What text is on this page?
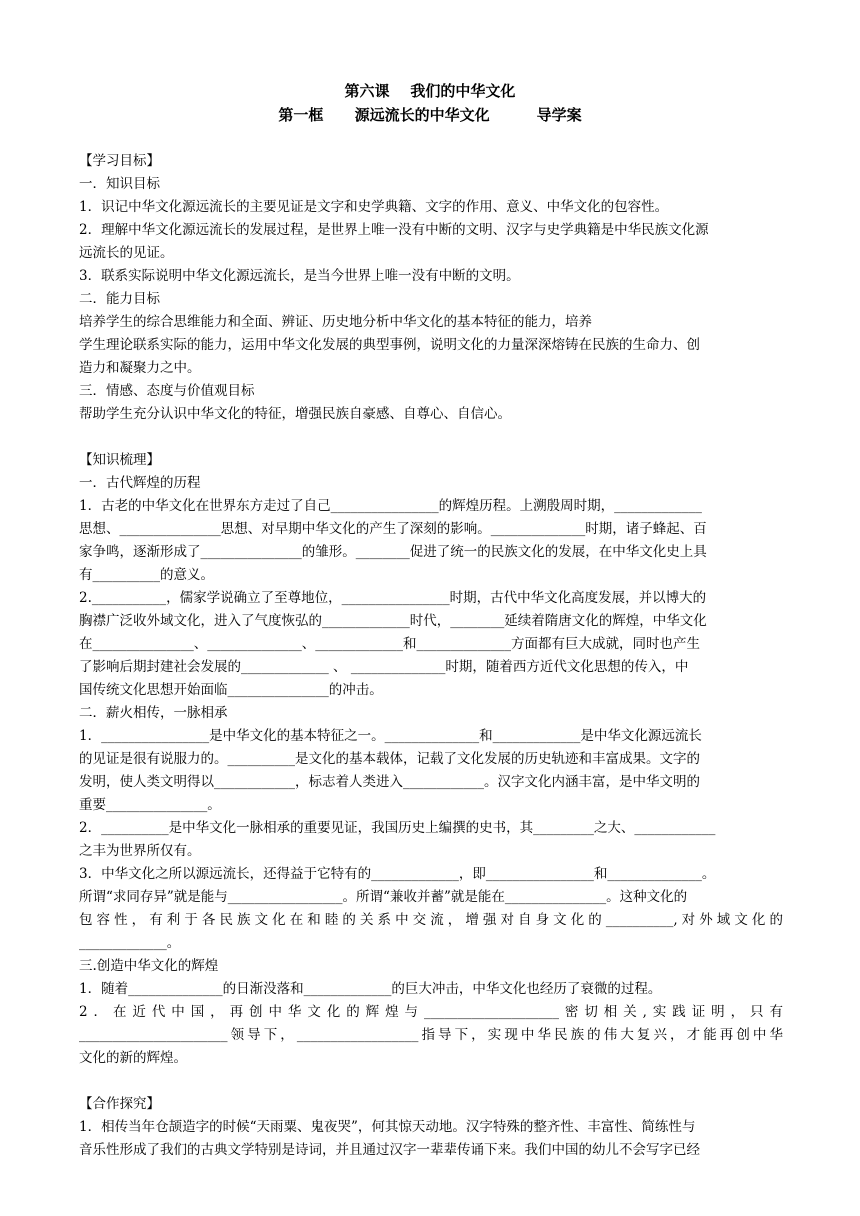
第六课    我们的中华文化
第一框      源远流长的中华文化         导学案
【学习目标】
一．知识目标
1．识记中华文化源远流长的主要见证是文字和史学典籍、文字的作用、意义、中华文化的包容性。
2．理解中华文化源远流长的发展过程，是世界上唯一没有中断的文明、汉字与史学典籍是中华民族文化源
远流长的见证。
3．联系实际说明中华文化源远流长，是当今世界上唯一没有中断的文明。
二．能力目标
培养学生的综合思维能力和全面、辨证、历史地分析中华文化的基本特征的能力，培养
学生理论联系实际的能力，运用中华文化发展的典型事例，说明文化的力量深深熔铸在民族的生命力、创
造力和凝聚力之中。
三．情感、态度与价值观目标
帮助学生充分认识中华文化的特征，增强民族自豪感、自尊心、自信心。
【知识梳理】
一．古代辉煌的历程
1．古老的中华文化在世界东方走过了自己________________的辉煌历程。上溯殷周时期，_____________
思想、_______________思想、对早期中华文化的产生了深刻的影响。______________时期，诸子蜂起、百
家争鸣，逐渐形成了_______________的雏形。________促进了统一的民族文化的发展，在中华文化史上具
有__________的意义。
2.___________，儒家学说确立了至尊地位，________________时期，古代中华文化高度发展，并以博大的
胸襟广泛收外域文化，进入了气度恢弘的_____________时代，________延续着隋唐文化的辉煌，中华文化
在_______________、______________、_____________和______________方面都有巨大成就，同时也产生
了影响后期封建社会发展的_____________ 、 ______________时期，随着西方近代文化思想的传入，中
国传统文化思想开始面临_______________的冲击。
二．薪火相传，一脉相承
1．________________是中华文化的基本特征之一。______________和_____________是中华文化源远流长
的见证是很有说服力的。__________是文化的基本载体，记载了文化发展的历史轨迹和丰富成果。文字的
发明，使人类文明得以____________，标志着人类进入____________。汉字文化内涵丰富，是中华文明的
重要_______________。
2．__________是中华文化一脉相承的重要见证，我国历史上编撰的史书，其_________之大、____________
之丰为世界所仅有。
3．中华文化之所以源远流长，还得益于它特有的_____________，即________________和______________。
所谓“求同存异”就是能与_________________。所谓“兼收并蓄”就是能在_______________。这种文化的
包容性，有利于各民族文化在和睦的关系中交流，增强对自身文化的__________,对外域文化的
_____________。
三.创造中华文化的辉煌
1．随着______________的日渐没落和_____________的巨大冲击，中华文化也经历了衰微的过程。
2．在近代中国，再创中华文化的辉煌与____________________密切相关,实践证明，只有
______________________领导下，__________________指导下，实现中华民族的伟大复兴，才能再创中华
文化的新的辉煌。
【合作探究】
1．相传当年仓颉造字的时候“天雨粟、鬼夜哭”，何其惊天动地。汉字特殊的整齐性、丰富性、简练性与
音乐性形成了我们的古典文学特别是诗词，并且通过汉字一辈辈传诵下来。我们中国的幼儿不会写字已经
